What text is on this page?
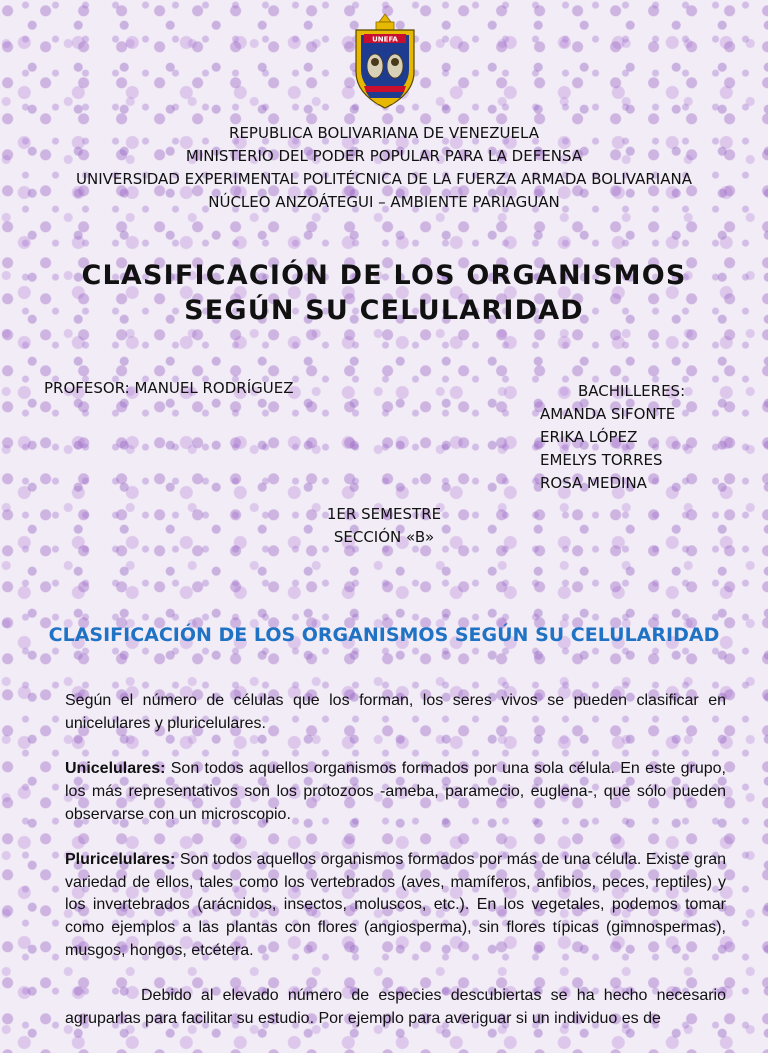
UNEFA
REPUBLICA BOLIVARIANA DE VENEZUELA
MINISTERIO DEL PODER POPULAR PARA LA DEFENSA
UNIVERSIDAD EXPERIMENTAL POLITÉCNICA DE LA FUERZA ARMADA BOLIVARIANA
NÚCLEO ANZOÁTEGUI – AMBIENTE PARIAGUAN
CLASIFICACIÓN DE LOS ORGANISMOS
SEGÚN SU CELULARIDAD
PROFESOR: MANUEL RODRÍGUEZ	BACHILLERES:
AMANDA SIFONTE
ERIKA LÓPEZ
EMELYS TORRES
ROSA MEDINA
1ER SEMESTRE
SECCIÓN «B»
CLASIFICACIÓN DE LOS ORGANISMOS SEGÚN SU CELULARIDAD

Según el número de células que los forman, los seres vivos se pueden clasificar en unicelulares y pluricelulares.

Unicelulares: Son todos aquellos organismos formados por una sola célula. En este grupo, los más representativos son los protozoos -ameba, paramecio, euglena-, que sólo pueden observarse con un microscopio.

Pluricelulares: Son todos aquellos organismos formados por más de una célula. Existe gran variedad de ellos, tales como los vertebrados (aves, mamíferos, anfibios, peces, reptiles) y los invertebrados (arácnidos, insectos, moluscos, etc.). En los vegetales, podemos tomar como ejemplos a las plantas con flores (angiosperma), sin flores típicas (gimnospermas), musgos, hongos, etcétera.

Debido al elevado número de especies descubiertas se ha hecho necesario agruparlas para facilitar su estudio. Por ejemplo para averiguar si un individuo es de
